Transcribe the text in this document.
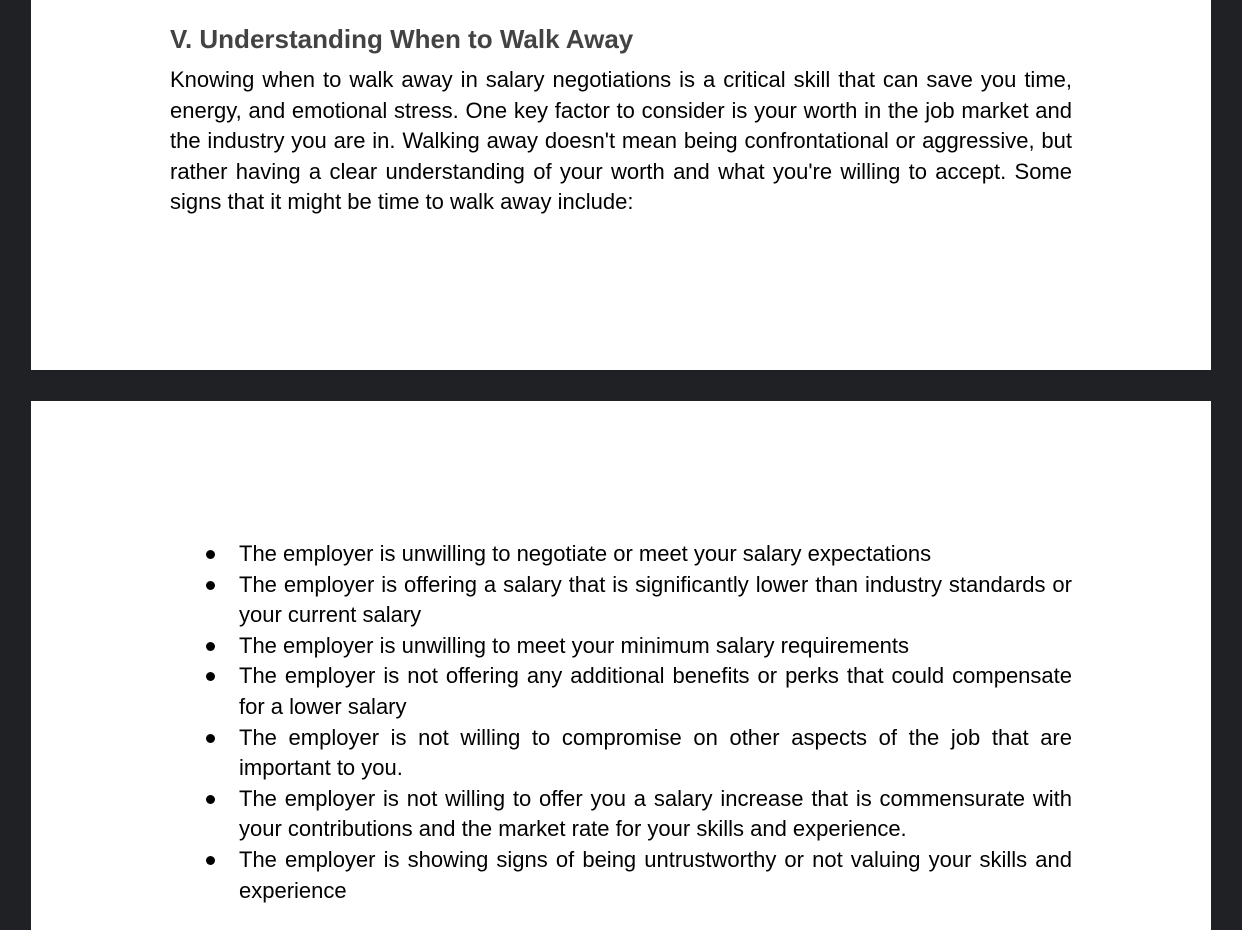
V. Understanding When to Walk Away

Knowing when to walk away in salary negotiations is a critical skill that can save you time, energy, and emotional stress. One key factor to consider is your worth in the job market and the industry you are in. Walking away doesn't mean being confrontational or aggressive, but rather having a clear understanding of your worth and what you're willing to accept. Some signs that it might be time to walk away include:

The employer is unwilling to negotiate or meet your salary expectations
The employer is offering a salary that is significantly lower than industry standards or your current salary
The employer is unwilling to meet your minimum salary requirements
The employer is not offering any additional benefits or perks that could compensate for a lower salary
The employer is not willing to compromise on other aspects of the job that are important to you.
The employer is not willing to offer you a salary increase that is commensurate with your contributions and the market rate for your skills and experience.
The employer is showing signs of being untrustworthy or not valuing your skills and experience
